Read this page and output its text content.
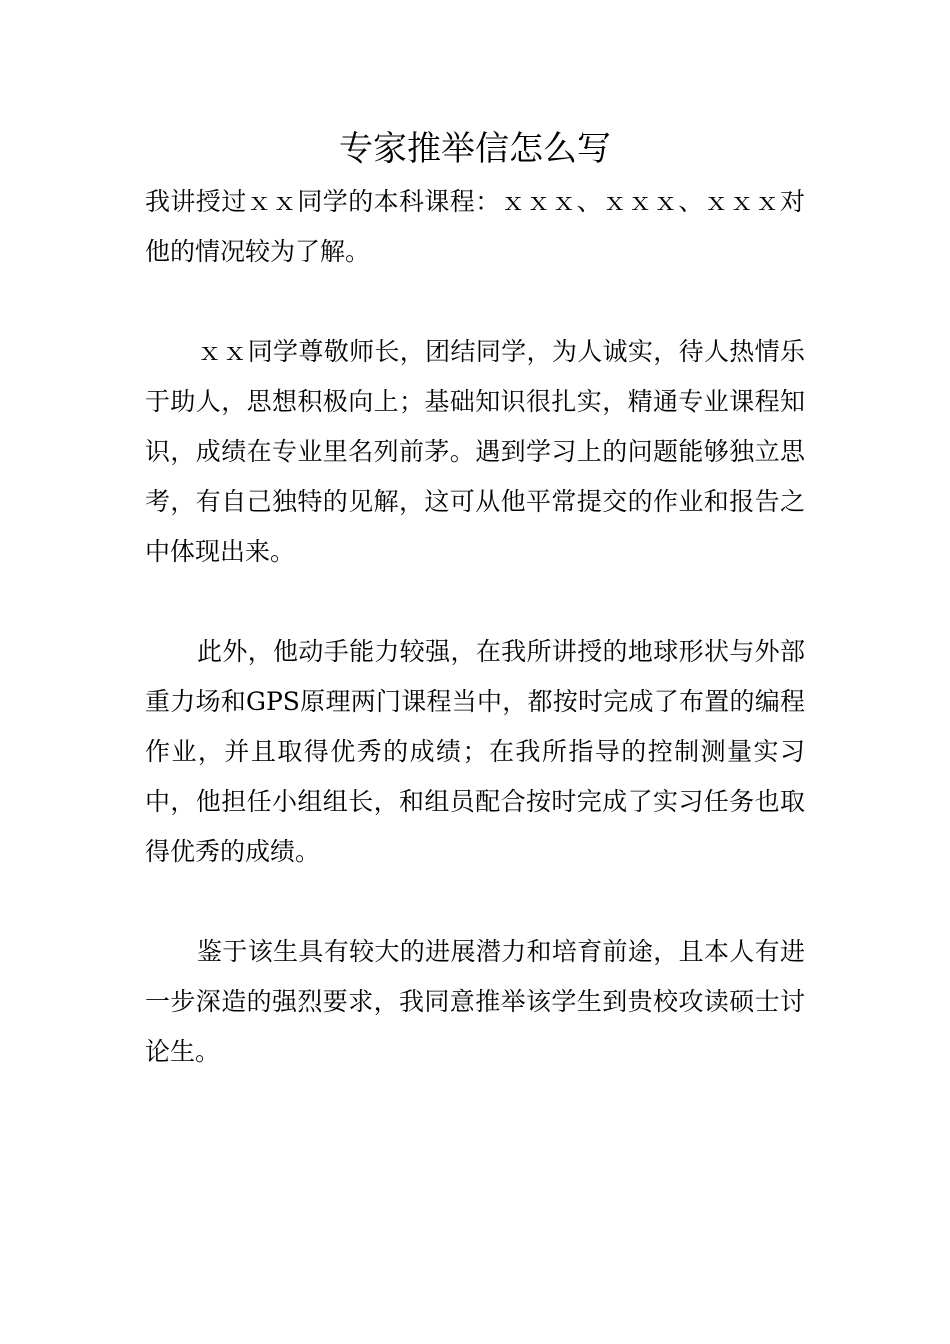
专家推举信怎么写

我讲授过ｘｘ同学的本科课程：ｘｘｘ、ｘｘｘ、ｘｘｘ对他的情况较为了解。

ｘｘ同学尊敬师长，团结同学，为人诚实，待人热情乐于助人，思想积极向上；基础知识很扎实，精通专业课程知识，成绩在专业里名列前茅。遇到学习上的问题能够独立思考，有自己独特的见解，这可从他平常提交的作业和报告之中体现出来。

此外，他动手能力较强，在我所讲授的地球形状与外部重力场和GPS原理两门课程当中，都按时完成了布置的编程作业，并且取得优秀的成绩；在我所指导的控制测量实习中，他担任小组组长，和组员配合按时完成了实习任务也取得优秀的成绩。

鉴于该生具有较大的进展潜力和培育前途，且本人有进一步深造的强烈要求，我同意推举该学生到贵校攻读硕士讨论生。
